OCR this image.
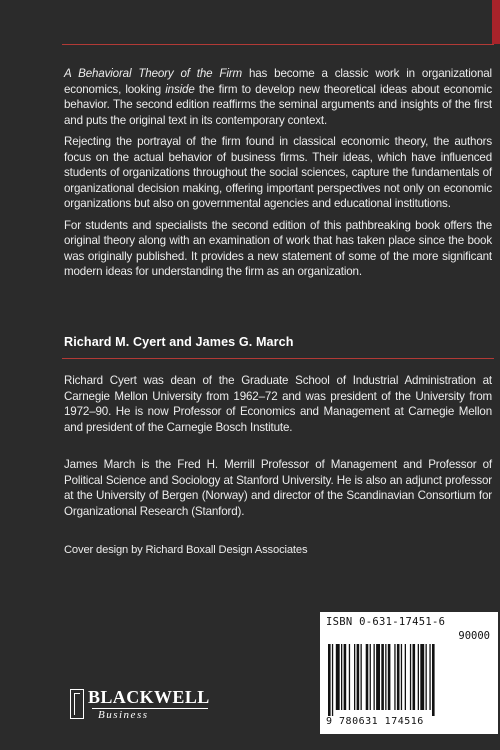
A Behavioral Theory of the Firm has become a classic work in organizational economics, looking inside the firm to develop new theoretical ideas about economic behavior. The second edition reaffirms the seminal arguments and insights of the first and puts the original text in its contemporary context.

Rejecting the portrayal of the firm found in classical economic theory, the authors focus on the actual behavior of business firms. Their ideas, which have influenced students of organizations throughout the social sciences, capture the fundamentals of organizational decision making, offering important perspectives not only on economic organizations but also on governmental agencies and educational institutions.

For students and specialists the second edition of this pathbreaking book offers the original theory along with an examination of work that has taken place since the book was originally published. It provides a new statement of some of the more significant modern ideas for understanding the firm as an organization.

Richard M. Cyert and James G. March

Richard Cyert was dean of the Graduate School of Industrial Administration at Carnegie Mellon University from 1962–72 and was president of the University from 1972–90. He is now Professor of Economics and Management at Carnegie Mellon and president of the Carnegie Bosch Institute.

James March is the Fred H. Merrill Professor of Management and Professor of Political Science and Sociology at Stanford University. He is also an adjunct professor at the University of Bergen (Norway) and director of the Scandinavian Consortium for Organizational Research (Stanford).

Cover design by Richard Boxall Design Associates
ISBN 0-631-17451-6
90000
9 780631 174516
BLACKWELL
Business
